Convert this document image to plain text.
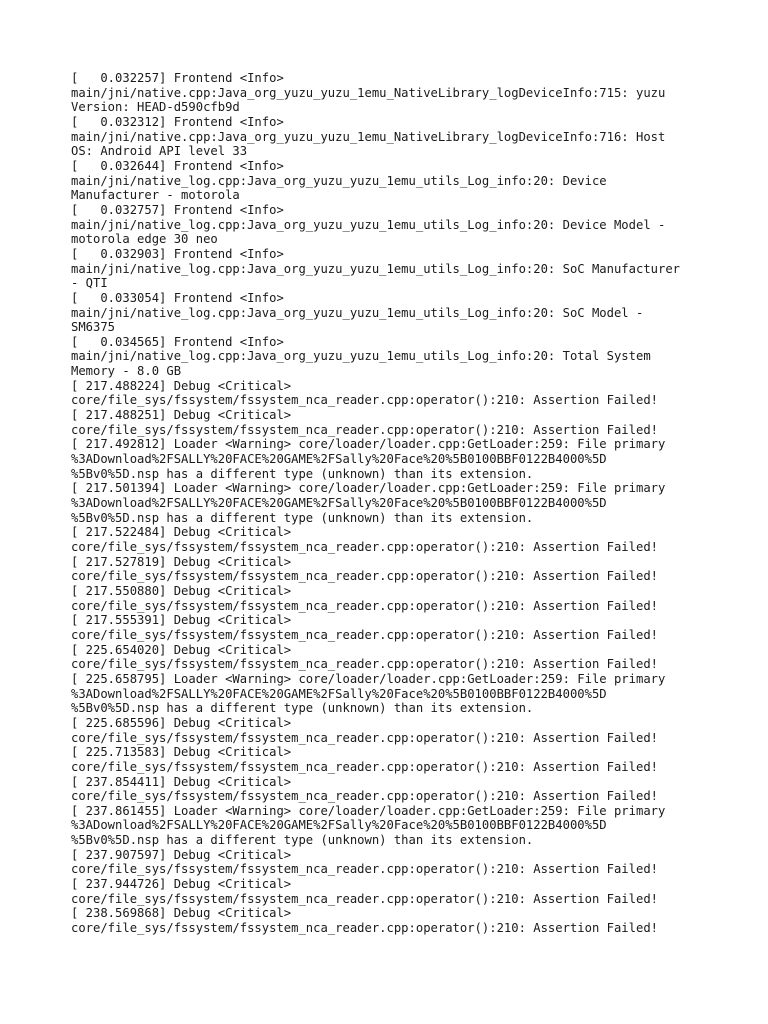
[   0.032257] Frontend <Info>
main/jni/native.cpp:Java_org_yuzu_yuzu_1emu_NativeLibrary_logDeviceInfo:715: yuzu
Version: HEAD-d590cfb9d
[   0.032312] Frontend <Info>
main/jni/native.cpp:Java_org_yuzu_yuzu_1emu_NativeLibrary_logDeviceInfo:716: Host
OS: Android API level 33
[   0.032644] Frontend <Info>
main/jni/native_log.cpp:Java_org_yuzu_yuzu_1emu_utils_Log_info:20: Device
Manufacturer - motorola
[   0.032757] Frontend <Info>
main/jni/native_log.cpp:Java_org_yuzu_yuzu_1emu_utils_Log_info:20: Device Model -
motorola edge 30 neo
[   0.032903] Frontend <Info>
main/jni/native_log.cpp:Java_org_yuzu_yuzu_1emu_utils_Log_info:20: SoC Manufacturer
- QTI
[   0.033054] Frontend <Info>
main/jni/native_log.cpp:Java_org_yuzu_yuzu_1emu_utils_Log_info:20: SoC Model -
SM6375
[   0.034565] Frontend <Info>
main/jni/native_log.cpp:Java_org_yuzu_yuzu_1emu_utils_Log_info:20: Total System
Memory - 8.0 GB
[ 217.488224] Debug <Critical>
core/file_sys/fssystem/fssystem_nca_reader.cpp:operator():210: Assertion Failed!
[ 217.488251] Debug <Critical>
core/file_sys/fssystem/fssystem_nca_reader.cpp:operator():210: Assertion Failed!
[ 217.492812] Loader <Warning> core/loader/loader.cpp:GetLoader:259: File primary
%3ADownload%2FSALLY%20FACE%20GAME%2FSally%20Face%20%5B0100BBF0122B4000%5D
%5Bv0%5D.nsp has a different type (unknown) than its extension.
[ 217.501394] Loader <Warning> core/loader/loader.cpp:GetLoader:259: File primary
%3ADownload%2FSALLY%20FACE%20GAME%2FSally%20Face%20%5B0100BBF0122B4000%5D
%5Bv0%5D.nsp has a different type (unknown) than its extension.
[ 217.522484] Debug <Critical>
core/file_sys/fssystem/fssystem_nca_reader.cpp:operator():210: Assertion Failed!
[ 217.527819] Debug <Critical>
core/file_sys/fssystem/fssystem_nca_reader.cpp:operator():210: Assertion Failed!
[ 217.550880] Debug <Critical>
core/file_sys/fssystem/fssystem_nca_reader.cpp:operator():210: Assertion Failed!
[ 217.555391] Debug <Critical>
core/file_sys/fssystem/fssystem_nca_reader.cpp:operator():210: Assertion Failed!
[ 225.654020] Debug <Critical>
core/file_sys/fssystem/fssystem_nca_reader.cpp:operator():210: Assertion Failed!
[ 225.658795] Loader <Warning> core/loader/loader.cpp:GetLoader:259: File primary
%3ADownload%2FSALLY%20FACE%20GAME%2FSally%20Face%20%5B0100BBF0122B4000%5D
%5Bv0%5D.nsp has a different type (unknown) than its extension.
[ 225.685596] Debug <Critical>
core/file_sys/fssystem/fssystem_nca_reader.cpp:operator():210: Assertion Failed!
[ 225.713583] Debug <Critical>
core/file_sys/fssystem/fssystem_nca_reader.cpp:operator():210: Assertion Failed!
[ 237.854411] Debug <Critical>
core/file_sys/fssystem/fssystem_nca_reader.cpp:operator():210: Assertion Failed!
[ 237.861455] Loader <Warning> core/loader/loader.cpp:GetLoader:259: File primary
%3ADownload%2FSALLY%20FACE%20GAME%2FSally%20Face%20%5B0100BBF0122B4000%5D
%5Bv0%5D.nsp has a different type (unknown) than its extension.
[ 237.907597] Debug <Critical>
core/file_sys/fssystem/fssystem_nca_reader.cpp:operator():210: Assertion Failed!
[ 237.944726] Debug <Critical>
core/file_sys/fssystem/fssystem_nca_reader.cpp:operator():210: Assertion Failed!
[ 238.569868] Debug <Critical>
core/file_sys/fssystem/fssystem_nca_reader.cpp:operator():210: Assertion Failed!
